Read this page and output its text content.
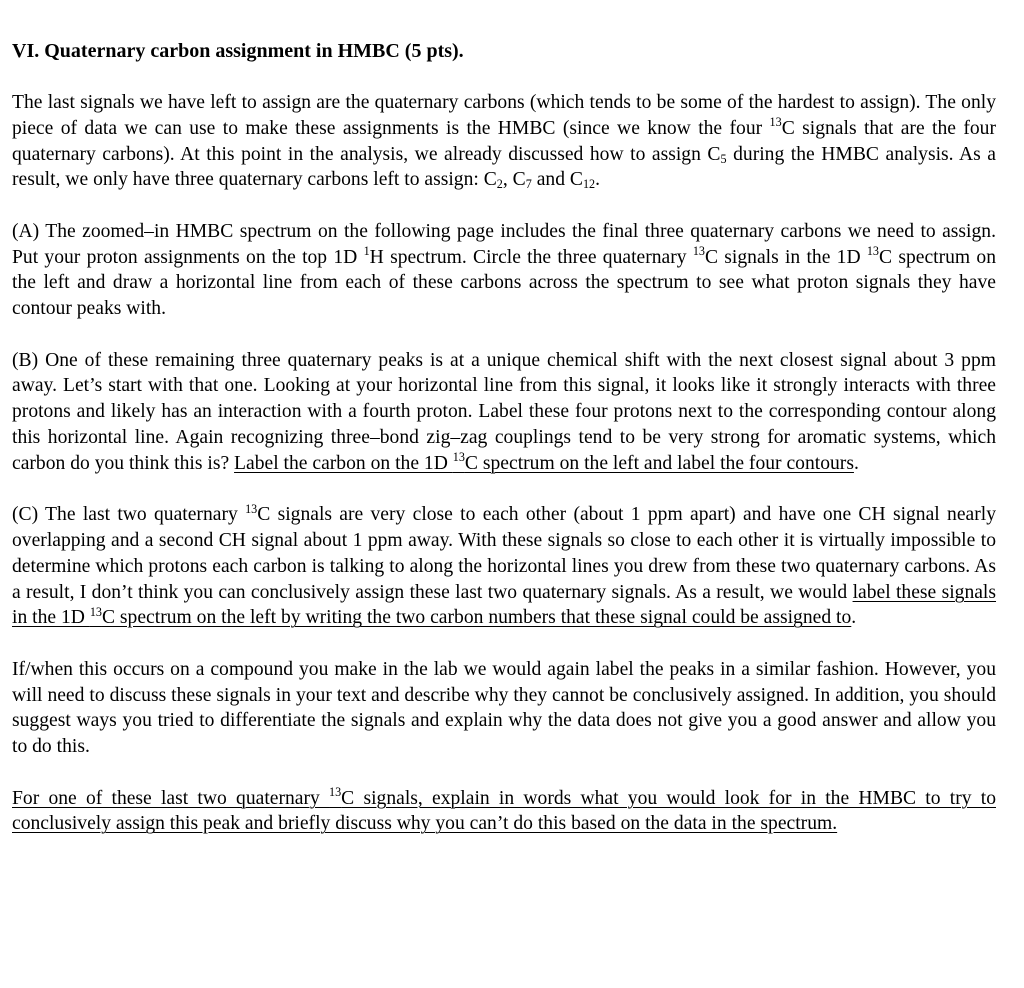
VI. Quaternary carbon assignment in HMBC (5 pts).
The last signals we have left to assign are the quaternary carbons (which tends to be some of the hardest to assign). The only piece of data we can use to make these assignments is the HMBC (since we know the four $^{13}$C signals that are the four quaternary carbons). At this point in the analysis, we already discussed how to assign $C_5$ during the HMBC analysis. As a result, we only have three quaternary carbons left to assign: $C_2$, $C_7$ and $C_{12}$.
(A) The zoomed–in HMBC spectrum on the following page includes the final three quaternary carbons we need to assign. Put your proton assignments on the top 1D $^1$H spectrum. Circle the three quaternary $^{13}$C signals in the 1D $^{13}$C spectrum on the left and draw a horizontal line from each of these carbons across the spectrum to see what proton signals they have contour peaks with.
(B) One of these remaining three quaternary peaks is at a unique chemical shift with the next closest signal about 3 ppm away. Let’s start with that one. Looking at your horizontal line from this signal, it looks like it strongly interacts with three protons and likely has an interaction with a fourth proton. Label these four protons next to the corresponding contour along this horizontal line. Again recognizing three–bond zig–zag couplings tend to be very strong for aromatic systems, which carbon do you think this is? Label the carbon on the 1D $^{13}$C spectrum on the left and label the four contours.
(C) The last two quaternary $^{13}$C signals are very close to each other (about 1 ppm apart) and have one CH signal nearly overlapping and a second CH signal about 1 ppm away. With these signals so close to each other it is virtually impossible to determine which protons each carbon is talking to along the horizontal lines you drew from these two quaternary carbons. As a result, I don’t think you can conclusively assign these last two quaternary signals. As a result, we would label these signals in the 1D $^{13}$C spectrum on the left by writing the two carbon numbers that these signal could be assigned to.
If/when this occurs on a compound you make in the lab we would again label the peaks in a similar fashion. However, you will need to discuss these signals in your text and describe why they cannot be conclusively assigned. In addition, you should suggest ways you tried to differentiate the signals and explain why the data does not give you a good answer and allow you to do this.
For one of these last two quaternary $^{13}$C signals, explain in words what you would look for in the HMBC to try to conclusively assign this peak and briefly discuss why you can’t do this based on the data in the spectrum.
